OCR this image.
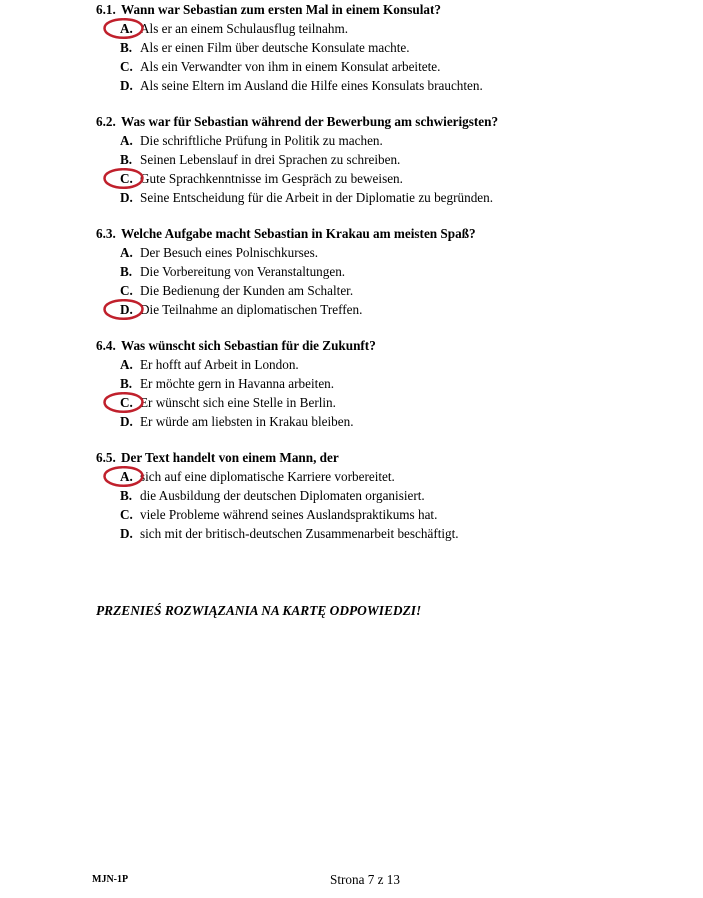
6.1. Wann war Sebastian zum ersten Mal in einem Konsulat?
A. Als er an einem Schulausflug teilnahm.
B. Als er einen Film über deutsche Konsulate machte.
C. Als ein Verwandter von ihm in einem Konsulat arbeitete.
D. Als seine Eltern im Ausland die Hilfe eines Konsulats brauchten.
6.2. Was war für Sebastian während der Bewerbung am schwierigsten?
A. Die schriftliche Prüfung in Politik zu machen.
B. Seinen Lebenslauf in drei Sprachen zu schreiben.
C. Gute Sprachkenntnisse im Gespräch zu beweisen.
D. Seine Entscheidung für die Arbeit in der Diplomatie zu begründen.
6.3. Welche Aufgabe macht Sebastian in Krakau am meisten Spaß?
A. Der Besuch eines Polnischkurses.
B. Die Vorbereitung von Veranstaltungen.
C. Die Bedienung der Kunden am Schalter.
D. Die Teilnahme an diplomatischen Treffen.
6.4. Was wünscht sich Sebastian für die Zukunft?
A. Er hofft auf Arbeit in London.
B. Er möchte gern in Havanna arbeiten.
C. Er wünscht sich eine Stelle in Berlin.
D. Er würde am liebsten in Krakau bleiben.
6.5. Der Text handelt von einem Mann, der
A. sich auf eine diplomatische Karriere vorbereitet.
B. die Ausbildung der deutschen Diplomaten organisiert.
C. viele Probleme während seines Auslandspraktikums hat.
D. sich mit der britisch-deutschen Zusammenarbeit beschäftigt.
PRZENIEŚ ROZWIĄZANIA NA KARTĘ ODPOWIEDZI!
MJN-1P	Strona 7 z 13
